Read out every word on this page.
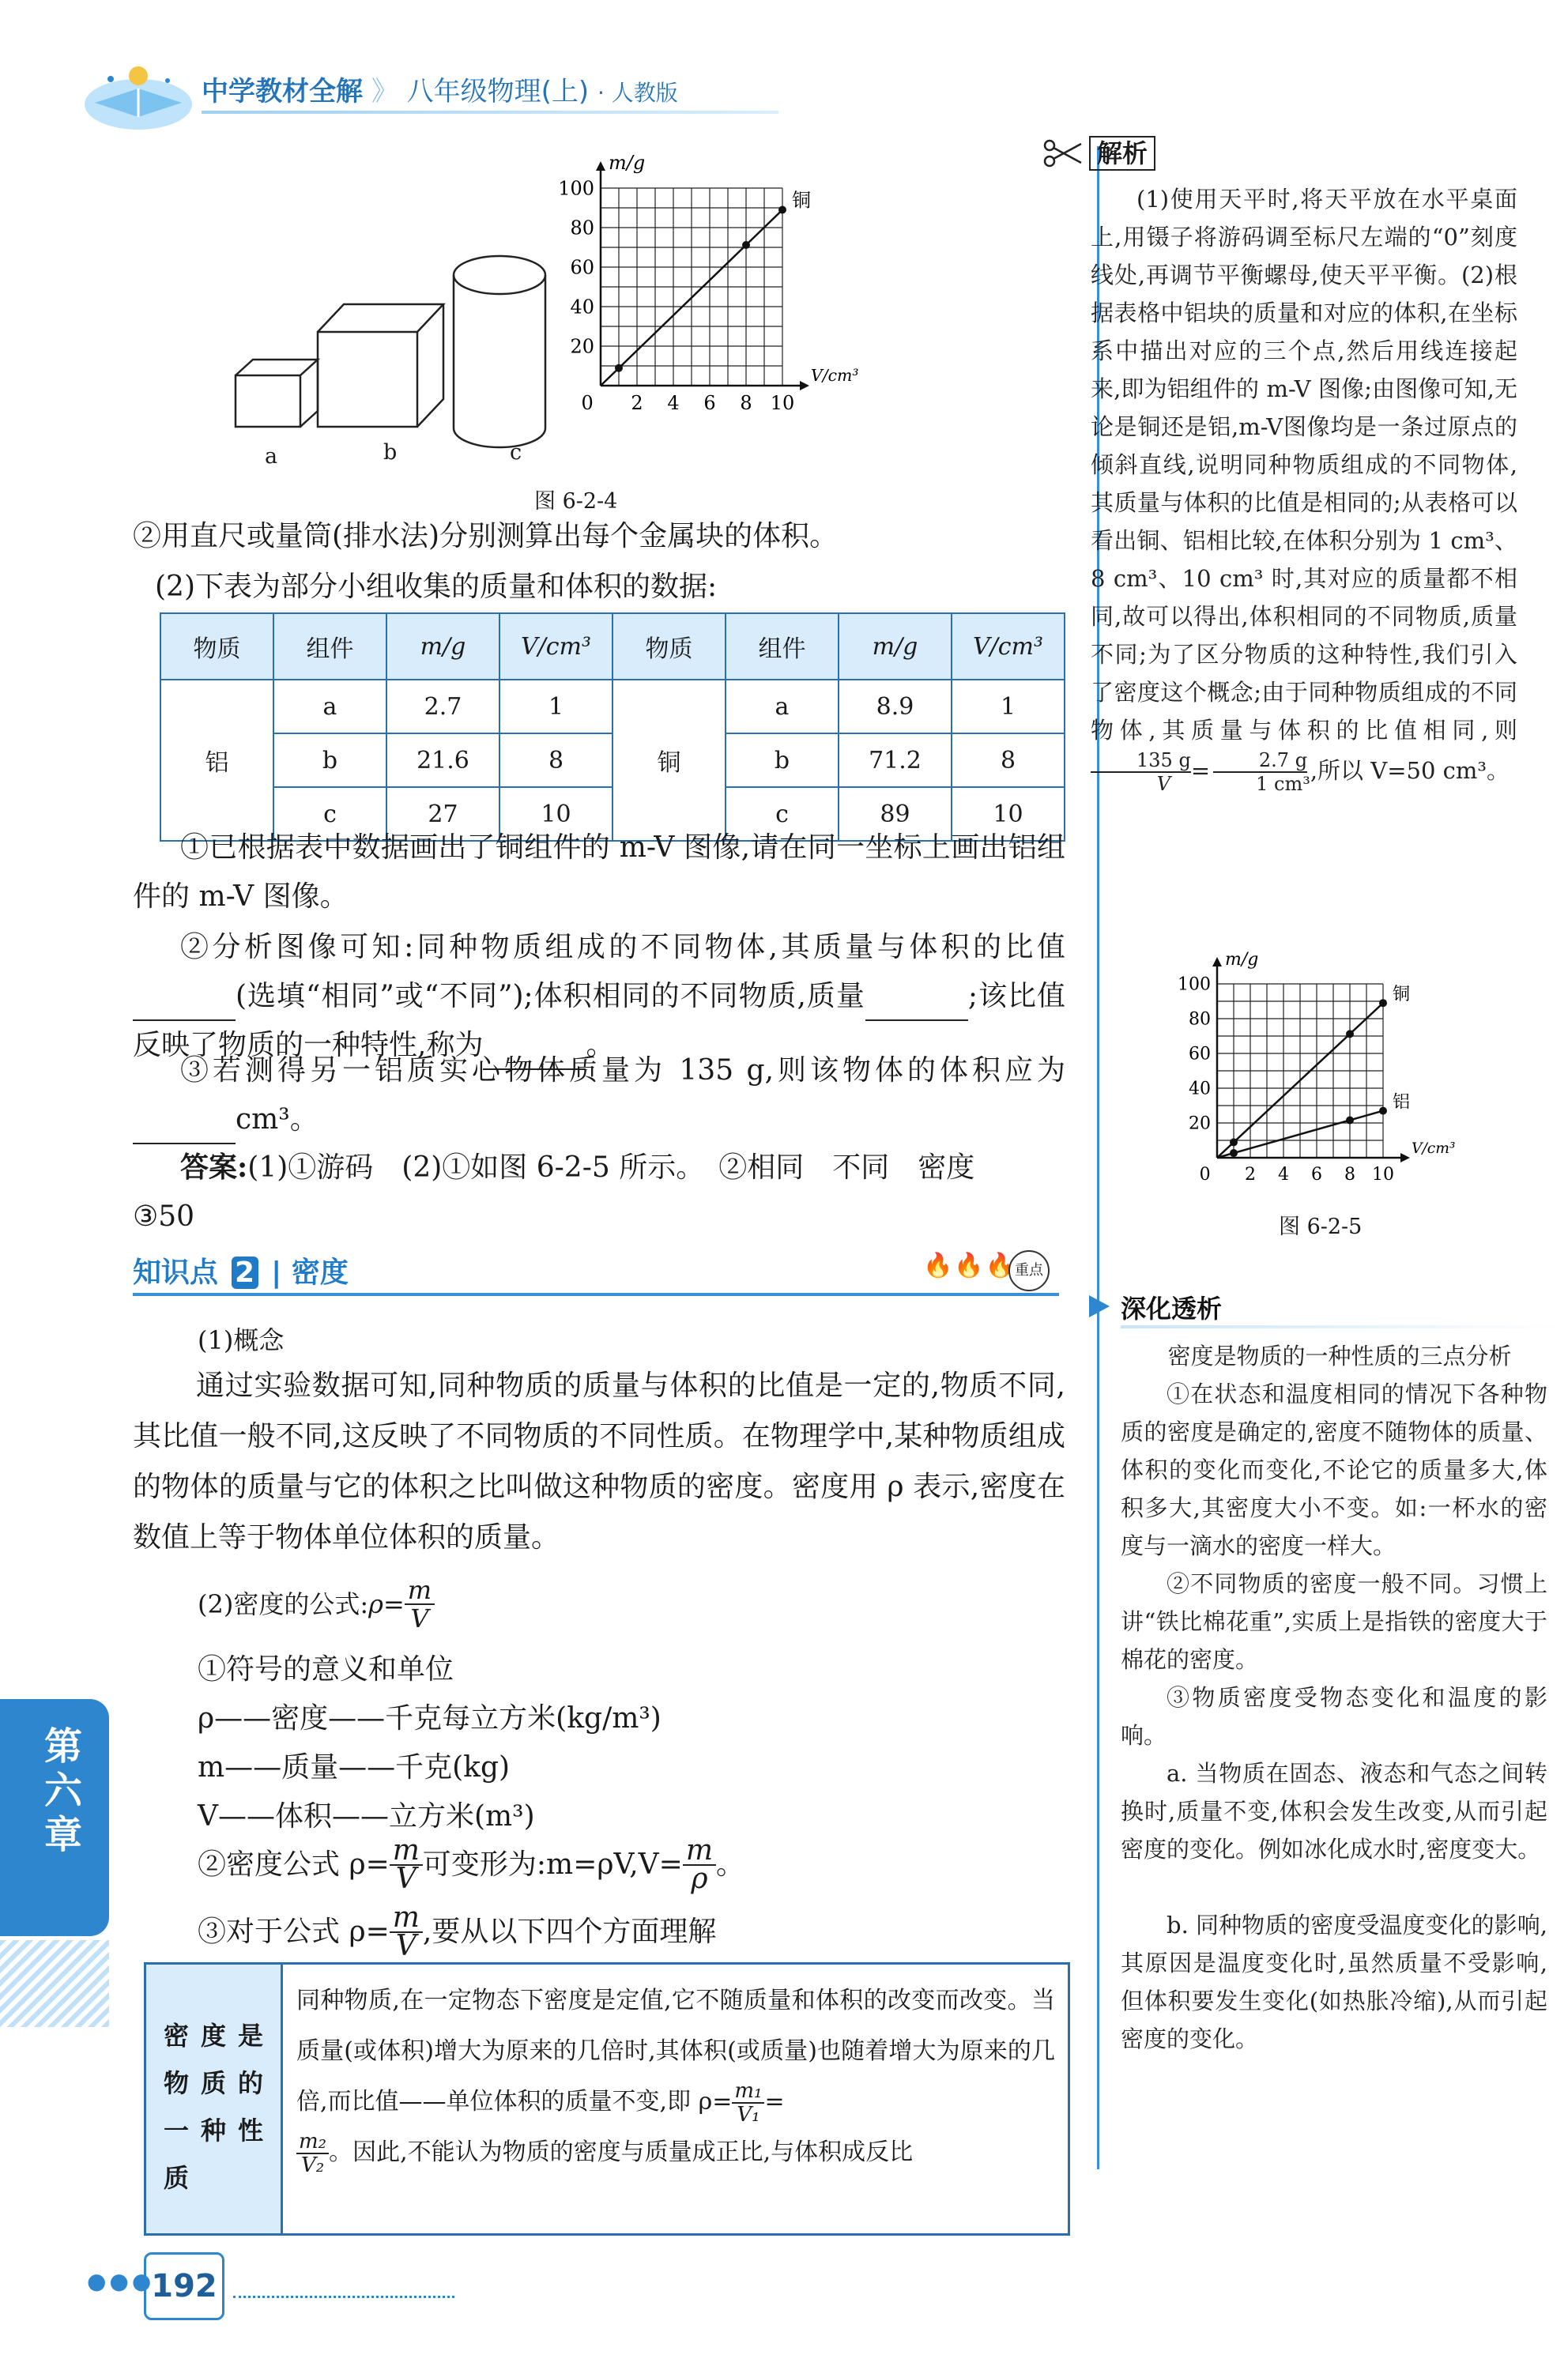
中学教材全解 》 八年级物理(上) · 人教版
a	b	c
0 2 4 6 8 10
20
40
60
80
100
m/g
V/cm³
铜
图 6-2-4
②用直尺或量筒(排水法)分别测算出每个金属块的体积。
(2)下表为部分小组收集的质量和体积的数据:
物质	组件	m/g	V/cm³	物质	组件	m/g	V/cm³
铝	a	2.7	1	铜	a	8.9	1
	b	21.6	8		b	71.2	8
	c	27	10		c	89	10
①已根据表中数据画出了铜组件的 m-V 图像,请在同一坐标上画出铝组件的 m-V 图像。
②分析图像可知:同种物质组成的不同物体,其质量与体积的比值(选填“相同”或“不同”);体积相同的不同物质,质量	;该比值反映了物质的一种特性,称为	。
③若测得另一铝质实心物体质量为 135 g,则该物体的体积应为cm³。
答案:(1)①游码　(2)①如图 6-2-5 所示。　②相同　不同　密度
③50
知识点 2 | 密度	🔥🔥🔥
重点
(1)概念
通过实验数据可知,同种物质的质量与体积的比值是一定的,物质不同,其比值一般不同,这反映了不同物质的不同性质。在物理学中,某种物质组成的物体的质量与它的体积之比叫做这种物质的密度。密度用 ρ 表示,密度在数值上等于物体单位体积的质量。
(2)密度的公式: $\rho= \frac{m}{V}$
①符号的意义和单位
ρ——密度——千克每立方米(kg/m³)
m——质量——千克(kg)
V——体积——立方米(m³)
②密度公式 $\rho= \frac{m}{V}$ 可变形为:m=ρV,V= $\frac{m}{\rho}$ 。
③对于公式 $\rho= \frac{m}{V}$ ,要从以下四个方面理解
密度是物质的一种性质
同种物质,在一定物态下密度是定值,它不随质量和体积的改变而改变。当质量(或体积)增大为原来的几倍时,其体积(或质量)也随着增大为原来的几倍,而比值——单位体积的质量不变,即 $\rho= \frac{\text{m₁}}{\text{V₁}}$ =

$\frac{\text{m₂}}{\text{V₂}}$ 。因此,不能认为物质的密度与质量成正比,与体积成反比
解析
(1)使用天平时,将天平放在水平桌面上,用镊子将游码调至标尺左端的“0”刻度线处,再调节平衡螺母,使天平平衡。(2)根据表格中铝块的质量和对应的体积,在坐标系中描出对应的三个点,然后用线连接起来,即为铝组件的 m-V 图像;由图像可知,无论是铜还是铝,m-V图像均是一条过原点的倾斜直线,说明同种物质组成的不同物体,其质量与体积的比值是相同的;从表格可以看出铜、铝相比较,在体积分别为 1 cm³、8 cm³、10 cm³ 时,其对应的质量都不相同,故可以得出,体积相同的不同物质,质量不同;为了区分物质的这种特性,我们引入了密度这个概念;由于同种物质组成的不同物体,其质量与体积的比值相同,则
$\frac{135 g}{V} = \frac{2.7 g}{\text{1 cm³}}$ ,所以 V=50 cm³。
0 2 4 6 8 10
20
40
60
80
100
m/g
V/cm³
铜
铝
图 6-2-5
深化透析
密度是物质的一种性质的三点分析
①在状态和温度相同的情况下各种物质的密度是确定的,密度不随物体的质量、体积的变化而变化,不论它的质量多大,体积多大,其密度大小不变。如:一杯水的密度与一滴水的密度一样大。
②不同物质的密度一般不同。习惯上讲“铁比棉花重”,实质上是指铁的密度大于棉花的密度。
③物质密度受物态变化和温度的影响。
a. 当物质在固态、液态和气态之间转换时,质量不变,体积会发生改变,从而引起密度的变化。例如冰化成水时,密度变大。
b. 同种物质的密度受温度变化的影响,其原因是温度变化时,虽然质量不受影响,但体积要发生变化(如热胀冷缩),从而引起密度的变化。
第六章
●●●
192
